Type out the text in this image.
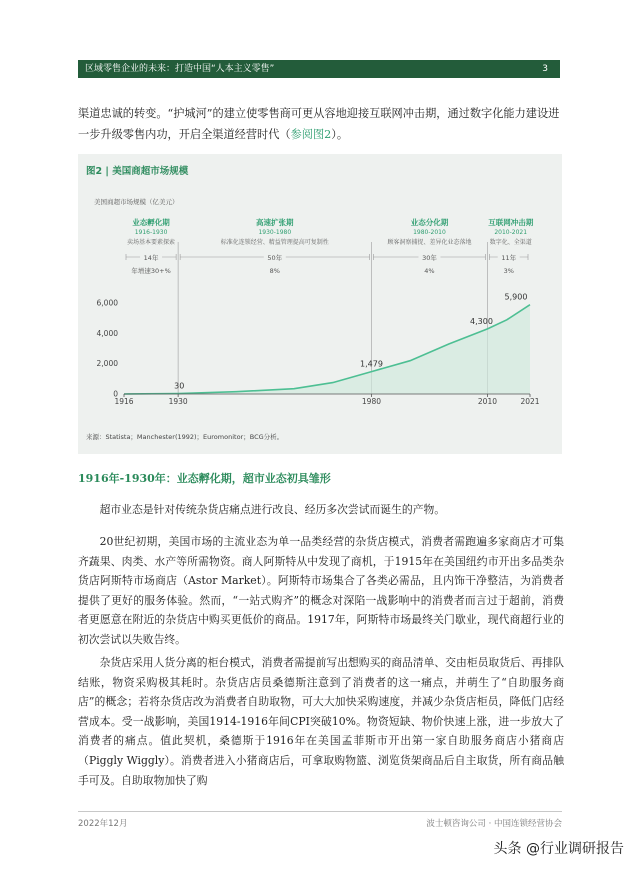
区域零售企业的未来：打造中国“人本主义零售”	3
渠道忠诚的转变。“护城河”的建立使零售商可更从容地迎接互联网冲击期，通过数字化能力建设进一步升级零售内功，开启全渠道经营时代（参阅图2）。
图2 | 美国商超市场规模
美国商超市场规模（亿美元）
0
2,000
4,000
6,000
1916	1930	1980	2010	2021
30
1,479
4,300
5,900
业态孵化期
1916-1930
卖场基本要素探索
14年
年增速30+%
高速扩张期
1930-1980
标准化连锁经营、精益管理提高可复制性
50年
8%
业态分化期
1980-2010
顾客洞察捕捉、差异化业态落地
30年
4%
互联网冲击期
2010-2021
数字化、全渠道
11年
3%
来源：Statista；Manchester(1992)；Euromonitor；BCG分析。
1916年-1930年：业态孵化期，超市业态初具雏形
超市业态是针对传统杂货店痛点进行改良、经历多次尝试而诞生的产物。
20世纪初期，美国市场的主流业态为单一品类经营的杂货店模式，消费者需跑遍多家商店才可集齐蔬果、肉类、水产等所需物资。商人阿斯特从中发现了商机，于1915年在美国纽约市开出多品类杂货店阿斯特市场商店（Astor Market）。阿斯特市场集合了各类必需品，且内饰干净整洁，为消费者提供了更好的服务体验。然而，“一站式购齐”的概念对深陷一战影响中的消费者而言过于超前，消费者更愿意在附近的杂货店中购买更低价的商品。1917年，阿斯特市场最终关门歇业，现代商超行业的初次尝试以失败告终。
杂货店采用人货分离的柜台模式，消费者需提前写出想购买的商品清单、交由柜员取货后、再排队结账，物资采购极其耗时。杂货店店员桑德斯注意到了消费者的这一痛点，并萌生了“自助服务商店”的概念；若将杂货店改为消费者自助取物，可大大加快采购速度，并减少杂货店柜员，降低门店经营成本。受一战影响，美国1914-1916年间CPI突破10%。物资短缺、物价快速上涨，进一步放大了消费者的痛点。值此契机，桑德斯于1916年在美国孟菲斯市开出第一家自助服务商店小猪商店（Piggly Wiggly）。消费者进入小猪商店后，可拿取购物篮、浏览货架商品后自主取货，所有商品触手可及。自助取物加快了购
2022年12月	波士顿咨询公司 · 中国连锁经营协会
头条 @行业调研报告
